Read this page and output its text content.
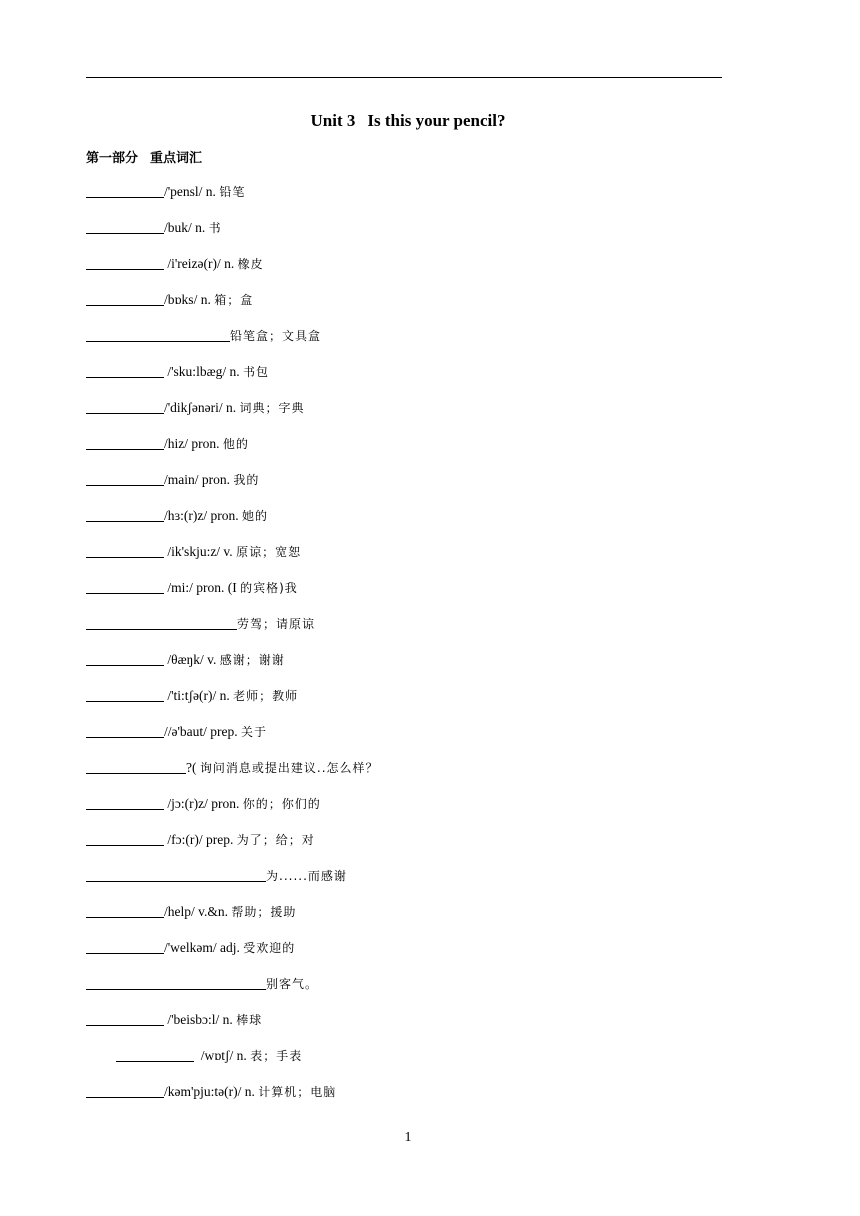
Unit 3 Is this your pencil?
第一部分 重点词汇
/'pensl/ n. 铅笔
/buk/ n. 书
/i'reizə(r)/ n. 橡皮
/bɒks/ n. 箱；盒
铅笔盒；文具盒
/'sku:lbæg/ n. 书包
/'dikʃənəri/ n. 词典；字典
/hiz/ pron. 他的
/main/ pron. 我的
/hɜ:(r)z/ pron. 她的
/ik'skju:z/ v. 原谅；宽恕
/mi:/ pron. (I 的宾格)我
劳驾；请原谅
/θæŋk/ v. 感谢；谢谢
/'ti:tʃə(r)/ n. 老师；教师
//ə'baut/ prep. 关于
?( 询问消息或提出建议..怎么样？
/jɔ:(r)z/ pron. 你的；你们的
/fɔ:(r)/ prep. 为了；给；对
为......而感谢
/help/ v.&n. 帮助；援助
/'welkəm/ adj. 受欢迎的
别客气。
/'beisbɔ:l/ n. 棒球
/wɒtʃ/ n. 表；手表
/kəm'pju:tə(r)/ n. 计算机；电脑
1
